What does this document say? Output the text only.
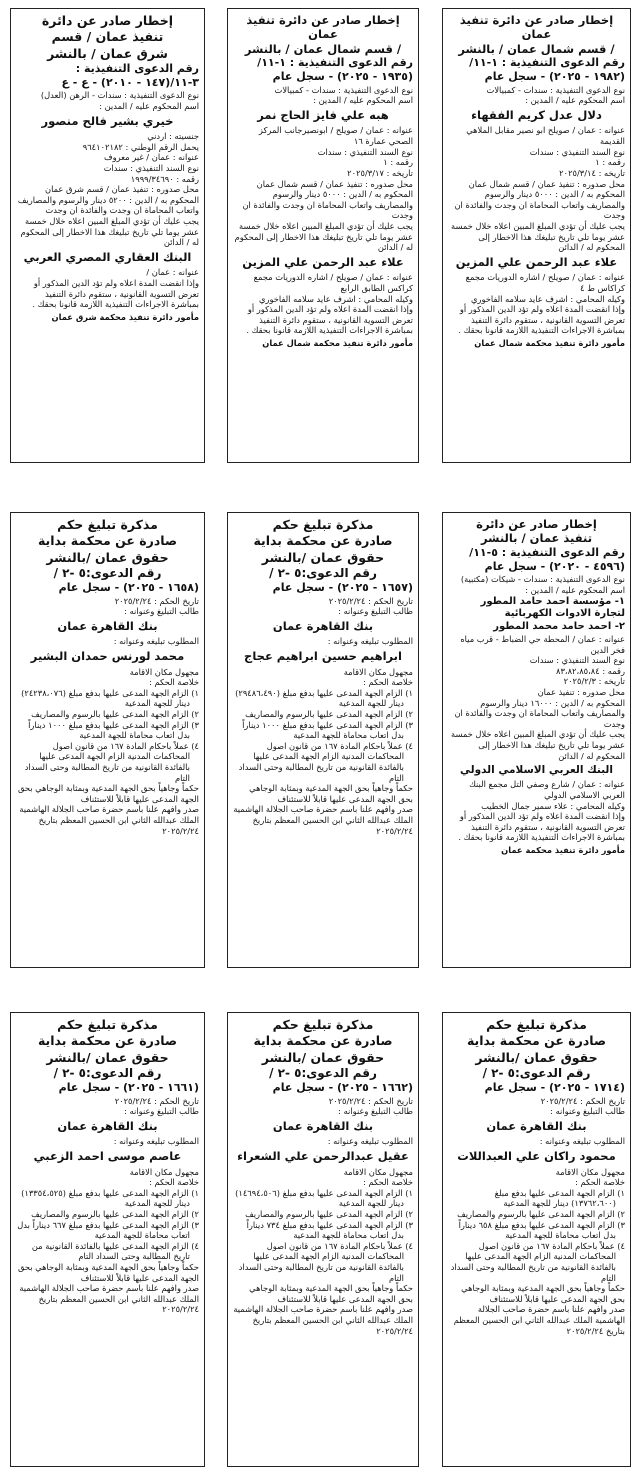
إخطار صادر عن دائرة تنفيذ عمان
/ قسم شمال عمان / بالنشر
رقم الدعوى التنفيذية : ١-١١/
(١٩٨٢ - ٢٠٢٥) - سجل عام
نوع الدعوى التنفيذية : سندات - كمبيالات
اسم المحكوم عليه / المدين :
دلال عدل كريم الفقهاء
عنوانه : عمان / صويلح ابو نصير مقابل الملاهي القديمة
نوع السند التنفيذي : سندات
رقمه : ١
تاريخه : ٢٠٢٥/٣/١٤
محل صدوره : تنفيذ عمان / قسم شمال عمان
المحكوم به / الدين : ٥٠٠٠ دينار والرسوم والمصاريف واتعاب المحاماة ان وجدت والفائدة ان وجدت
يجب عليك أن تؤدي المبلغ المبين اعلاه خلال خمسة عشر يوما تلي تاريخ تبليغك هذا الاخطار إلى المحكوم له / الدائن
علاء عبد الرحمن علي المزين
عنوانه : عمان / صويلح / اشاره الدوريات مجمع كراكاس ط ٤
وكيله المحامي : اشرف عايد سلامه الفاخوري
وإذا انقضت المدة اعلاه ولم تؤد الدين المذكور أو تعرض التسوية القانونية ، ستقوم دائرة التنفيذ بمباشرة الاجراءات التنفيذية اللازمة قانونا بحقك .
مأمور دائرة تنفيذ محكمة شمال عمان
إخطار صادر عن دائرة تنفيذ عمان
/ قسم شمال عمان / بالنشر
رقم الدعوى التنفيذية : ١-١١/
(١٩٣٥ - ٢٠٢٥) - سجل عام
نوع الدعوى التنفيذية : سندات - كمبيالات
اسم المحكوم عليه / المدين :
هبه علي فايز الحاج نمر
عنوانه : عمان / صويلح / ابونصيرجانب المركز الصحي عمارة ١٦
نوع السند التنفيذي : سندات
رقمه : ١
تاريخه : ٢٠٢٥/٣/١٧
محل صدوره : تنفيذ عمان / قسم شمال عمان
المحكوم به / الدين : ٥٠٠٠ دينار والرسوم والمصاريف واتعاب المحاماة ان وجدت والفائدة ان وجدت
يجب عليك أن تؤدي المبلغ المبين اعلاه خلال خمسة عشر يوما تلي تاريخ تبليغك هذا الاخطار إلى المحكوم له / الدائن
علاء عبد الرحمن علي المزين
عنوانه : عمان / صويلح / اشاره الدوريات مجمع كراكس الطابق الرابع
وكيله المحامي : اشرف عايد سلامه الفاخوري
وإذا انقضت المدة اعلاه ولم تؤد الدين المذكور أو تعرض التسوية القانونية ، ستقوم دائرة التنفيذ بمباشرة الاجراءات التنفيذية اللازمة قانونا بحقك .
مأمور دائرة تنفيذ محكمة شمال عمان
إخطار صادر عن دائرة
تنفيذ عمان / قسم
شرق عمان / بالنشر
رقم الدعوى التنفيذية :
٣-١١/(١٤٧ - ٢٠١٠) - ع - ع
نوع الدعوى التنفيذية : سندات - الرهن (العدل)
اسم المحكوم عليه / المدين :
خيري بشير فالح منصور
جنسيته : اردني
يحمل الرقم الوطني : ٩٦٤١٠٢١٨٢
عنوانه : عمان / غير معروف
نوع السند التنفيذي : سندات
رقمه : ١٩٩٩/٣٤٦٩٠
محل صدوره : تنفيذ عمان / قسم شرق عمان
المحكوم به / الدين : ٥٢٠٠ دينار والرسوم والمصاريف واتعاب المحاماة ان وجدت والفائدة ان وجدت
يجب عليك أن تؤدي المبلغ المبين اعلاه خلال خمسة عشر يوما تلي تاريخ تبليغك هذا الاخطار إلى المحكوم له / الدائن
البنك العقاري المصري العربي
عنوانه : عمان /
وإذا انقضت المدة اعلاه ولم تؤد الدين المذكور أو تعرض التسوية القانونية ، ستقوم دائرة التنفيذ بمباشرة الاجراءات التنفيذية اللازمة قانونا بحقك .
مأمور دائرة تنفيذ محكمة شرق عمان
إخطار صادر عن دائرة
تنفيذ عمان / بالنشر
رقم الدعوى التنفيذية : ٥-١١/
(٤٥٩٦ - ٢٠٢٠) - سجل عام
نوع الدعوى التنفيذية : سندات - شيكات (مكتبية)
اسم المحكوم عليه / المدين :
١- مؤسسة احمد حامد المطور لتجارة الادوات الكهربائية
٢- احمد حامد محمد المطور
عنوانه : عمان / المحطة حي الضباط - قرب مياه فخر الدين
نوع السند التنفيذي : سندات
رقمه : ٨٣،٨٢،٨٥،٨٤
تاريخه : ٢٠٢٥/٢/٣
محل صدوره : تنفيذ عمان
المحكوم به / الدين : ١٦٠٠٠ دينار والرسوم والمصاريف واتعاب المحاماة ان وجدت والفائدة ان وجدت
يجب عليك أن تؤدي المبلغ المبين اعلاه خلال خمسة عشر يوما تلي تاريخ تبليغك هذا الاخطار إلى المحكوم له / الدائن
البنك العربي الاسلامي الدولي
عنوانه : عمان / شارع وصفي التل مجمع البنك العربي الاسلامي الدولي
وكيله المحامي : علاء سمير جمال الخطيب
وإذا انقضت المدة اعلاه ولم تؤد الدين المذكور أو تعرض التسوية القانونية ، ستقوم دائرة التنفيذ بمباشرة الاجراءات التنفيذية اللازمة قانونا بحقك .
مأمور دائرة تنفيذ محكمة عمان
مذكرة تبليغ حكم
صادرة عن محكمة بداية
حقوق عمان /بالنشر
رقم الدعوى:٥ -٢ /
(١٦٥٧ - ٢٠٢٥) - سجل عام
تاريخ الحكم : ٢٠٢٥/٢/٢٤
طالب التبليغ وعنوانه :
بنك القاهرة عمان
المطلوب تبليغه وعنوانه :
ابراهيم حسين ابراهيم عجاج
مجهول مكان الاقامة
خلاصة الحكم :
١) الزام الجهة المدعى عليها بدفع مبلغ (٢٩٤٨٦،٤٩٠) دينار للجهة المدعية
٢) الزام الجهة المدعى عليها بالرسوم والمصاريف
٣) الزام الجهة المدعى عليها بدفع مبلغ ١٠٠٠ ديناراً بدل اتعاب محاماة للجهة المدعية
٤) عملاً باحكام المادة ١٦٧ من قانون اصول المحاكمات المدنية الزام الجهة المدعى عليها بالفائدة القانونية من تاريخ المطالبة وحتى السداد التام
حكماً وجاهياً بحق الجهة المدعية وبمثابة الوجاهي بحق الجهة المدعى عليها قابلاً للاستئناف
صدر وافهم علنا باسم حضرة صاحب الجلالة الهاشمية الملك عبدالله الثاني ابن الحسين المعظم بتاريخ ٢٠٢٥/٢/٢٤
مذكرة تبليغ حكم
صادرة عن محكمة بداية
حقوق عمان /بالنشر
رقم الدعوى:٥ -٢ /
(١٦٥٨ - ٢٠٢٥) - سجل عام
تاريخ الحكم : ٢٠٢٥/٢/٢٤
طالب التبليغ وعنوانه :
بنك القاهرة عمان
المطلوب تبليغه وعنوانه :
محمد لورنس حمدان البشير
مجهول مكان الاقامة
خلاصة الحكم :
١) الزام الجهة المدعى عليها بدفع مبلغ (٢٤٢٣٨،٠٧٦) دينار للجهة المدعية
٢) الزام الجهة المدعى عليها بالرسوم والمصاريف
٣) الزام الجهة المدعى عليها بدفع مبلغ ١٠٠٠ ديناراً بدل اتعاب محاماة للجهة المدعية
٤) عملاً باحكام المادة ١٦٧ من قانون اصول المحاكمات المدنية الزام الجهة المدعى عليها بالفائدة القانونية من تاريخ المطالبة وحتى السداد التام
حكماً وجاهياً بحق الجهة المدعية وبمثابة الوجاهي بحق الجهة المدعى عليها قابلاً للاستئناف
صدر وافهم علنا باسم حضرة صاحب الجلالة الهاشمية الملك عبدالله الثاني ابن الحسين المعظم بتاريخ ٢٠٢٥/٢/٢٤
مذكرة تبليغ حكم
صادرة عن محكمة بداية
حقوق عمان /بالنشر
رقم الدعوى:٥ -٢ /
(١٧١٤ - ٢٠٢٥) - سجل عام
تاريخ الحكم : ٢٠٢٥/٢/٢٤
طالب التبليغ وعنوانه :
بنك القاهرة عمان
المطلوب تبليغه وعنوانه :
محمود راكان علي العبداللات
مجهول مكان الاقامة
خلاصة الحكم :
١) الزام الجهة المدعى عليها بدفع مبلغ (١٣٧٦٢،٦٠٠) دينار للجهة المدعية
٢) الزام الجهة المدعى عليها بالرسوم والمصاريف
٣) الزام الجهة المدعى عليها بدفع مبلغ ٦٥٨ ديناراً بدل اتعاب محاماة للجهة المدعية
٤) عملاً باحكام المادة ١٦٧ من قانون اصول المحاكمات المدنية الزام الجهة المدعى عليها بالفائدة القانونية من تاريخ المطالبة وحتى السداد التام
حكماً وجاهياً بحق الجهة المدعية وبمثابة الوجاهي بحق الجهة المدعى عليها قابلاً للاستئناف
صدر وافهم علنا باسم حضرة صاحب الجلالة الهاشمية الملك عبدالله الثاني ابن الحسين المعظم بتاريخ ٢٠٢٥/٢/٢٤
مذكرة تبليغ حكم
صادرة عن محكمة بداية
حقوق عمان /بالنشر
رقم الدعوى:٥ -٢ /
(١٦٦٢ - ٢٠٢٥) - سجل عام
تاريخ الحكم : ٢٠٢٥/٢/٢٤
طالب التبليغ وعنوانه :
بنك القاهرة عمان
المطلوب تبليغه وعنوانه :
عقيل عبدالرحمن علي الشعراء
مجهول مكان الاقامة
خلاصة الحكم :
١) الزام الجهة المدعى عليها بدفع مبلغ (١٤٦٩٤،٥٠٦) دينار للجهة المدعية
٢) الزام الجهة المدعى عليها بالرسوم والمصاريف
٣) الزام الجهة المدعى عليها بدفع مبلغ ٧٣٤ ديناراً بدل اتعاب محاماة للجهة المدعية
٤) عملاً باحكام المادة ١٦٧ من قانون اصول المحاكمات المدنية الزام الجهة المدعى عليها بالفائدة القانونية من تاريخ المطالبة وحتى السداد التام
حكماً وجاهياً بحق الجهة المدعية وبمثابة الوجاهي بحق الجهة المدعى عليها قابلاً للاستئناف
صدر وافهم علنا باسم حضرة صاحب الجلالة الهاشمية الملك عبدالله الثاني ابن الحسين المعظم بتاريخ ٢٠٢٥/٢/٢٤
مذكرة تبليغ حكم
صادرة عن محكمة بداية
حقوق عمان /بالنشر
رقم الدعوى:٥ -٢ /
(١٦٦١ - ٢٠٢٥) - سجل عام
تاريخ الحكم : ٢٠٢٥/٢/٢٤
طالب التبليغ وعنوانه :
بنك القاهرة عمان
المطلوب تبليغه وعنوانه :
عاصم موسى احمد الزعبي
مجهول مكان الاقامة
خلاصة الحكم :
١) الزام الجهة المدعى عليها بدفع مبلغ (١٣٣٥٤،٥٢٥) دينار للجهة المدعية
٢) الزام الجهة المدعى عليها بالرسوم والمصاريف
٣) الزام الجهة المدعى عليها بدفع مبلغ ٦٦٧ ديناراً بدل اتعاب محاماة للجهة المدعية
٤) الزام الجهة المدعى عليها بالفائدة القانونية من تاريخ المطالبة وحتى السداد التام
حكماً وجاهياً بحق الجهة المدعية وبمثابة الوجاهي بحق الجهة المدعى عليها قابلاً للاستئناف
صدر وافهم علنا باسم حضرة صاحب الجلالة الهاشمية الملك عبدالله الثاني ابن الحسين المعظم بتاريخ ٢٠٢٥/٢/٢٤
